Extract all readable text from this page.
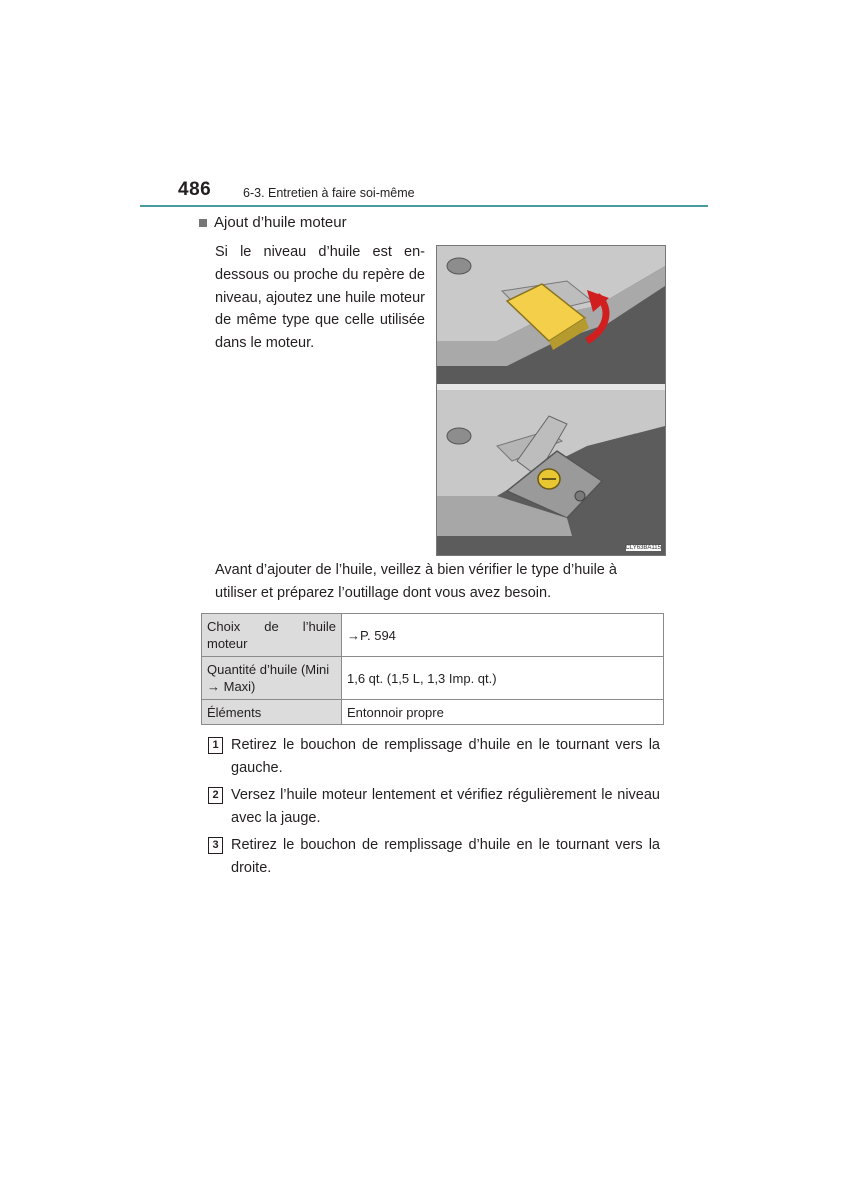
486	6-3. Entretien à faire soi-même
Ajout d’huile moteur
Si le niveau d’huile est en-dessous ou proche du repère de niveau, ajoutez une huile moteur de même type que celle utilisée dans le moteur.
CLY63BA115
Avant d’ajouter de l’huile, veillez à bien vérifier le type d’huile à utiliser et préparez l’outillage dont vous avez besoin.
Choix de l’huile moteur	→P. 594
Quantité d’huile (Mini → Maxi)	1,6 qt. (1,5 L, 1,3 Imp. qt.)
Éléments	Entonnoir propre
1 Retirez le bouchon de remplissage d’huile en le tournant vers la gauche.
2 Versez l’huile moteur lentement et vérifiez régulièrement le niveau avec la jauge.
3 Retirez le bouchon de remplissage d’huile en le tournant vers la droite.
